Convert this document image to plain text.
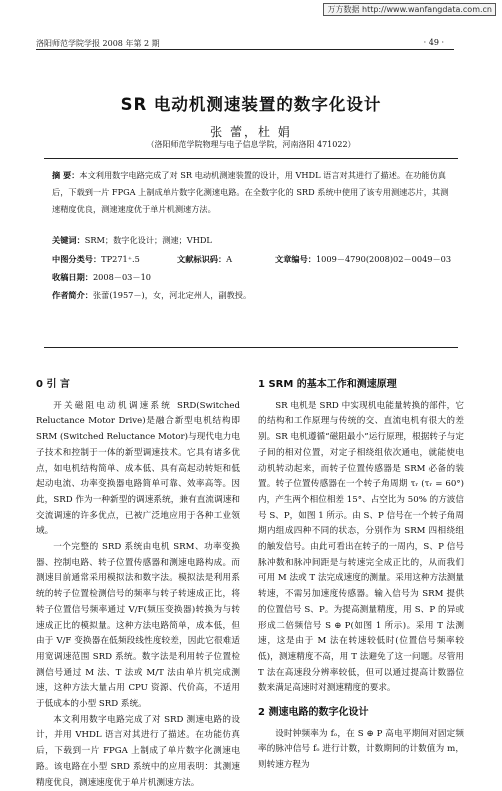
万方数据 http://www.wanfangdata.com.cn
洛阳师范学院学报 2008 年第 2 期	· 49 ·
SR 电动机测速装置的数字化设计
张 蕾，杜 娟
（洛阳师范学院物理与电子信息学院，河南洛阳 471022）
摘 要：本文利用数字电路完成了对 SR 电动机测速装置的设计，用 VHDL 语言对其进行了描述。在功能仿真后，下载到一片 FPGA 上制成单片数字化测速电路。在全数字化的 SRD 系统中使用了该专用测速芯片，其测速精度优良，测速速度优于单片机测速方法。
关键词：SRM；数字化设计；测速；VHDL
中图分类号：TP271⁺.5	文献标识码：A	文章编号：1009－4790(2008)02－0049－03
收稿日期：2008－03－10
作者简介：张蕾(1957－)，女，河北定州人，副教授。
0 引 言

开关磁阻电动机调速系统 SRD(Switched Reluctance Motor Drive)是融合新型电机结构即 SRM (Switched Reluctance Motor)与现代电力电子技术和控制于一体的新型调速技术。它具有诸多优点，如电机结构简单、成本低、具有高起动转矩和低起动电流、功率变换器电路简单可靠、效率高等。因此，SRD 作为一种新型的调速系统，兼有直流调速和交流调速的许多优点，已被广泛地应用于各种工业领域。

一个完整的 SRD 系统由电机 SRM、功率变换器、控制电路、转子位置传感器和测速电路构成。而测速目前通常采用模拟法和数字法。模拟法是利用系统的转子位置检测信号的频率与转子转速成正比，将转子位置信号频率通过 V/F(频压变换器)转换为与转速成正比的模拟量。这种方法电路简单，成本低，但由于 V/F 变换器在低频段线性度较差，因此它很难适用宽调速范围 SRD 系统。数字法是利用转子位置检测信号通过 M 法、T 法或 M/T 法由单片机完成测速，这种方法大量占用 CPU 资源、代价高，不适用于低成本的小型 SRD 系统。

本文利用数字电路完成了对 SRD 测速电路的设计，并用 VHDL 语言对其进行了描述。在功能仿真后，下载到一片 FPGA 上制成了单片数字化测速电路。该电路在小型 SRD 系统中的应用表明：其测速精度优良，测速速度优于单片机测速方法。

1 SRM 的基本工作和测速原理

SR 电机是 SRD 中实现机电能量转换的部件，它的结构和工作原理与传统的交、直流电机有很大的差别。SR 电机遵循“磁阻最小”运行原理，根据转子与定子间的相对位置，对定子相绕组依次通电，就能使电动机转动起来，而转子位置传感器是 SRM 必备的装置。转子位置传感器在一个转子角周期 τᵣ (τᵣ = 60°)内，产生两个相位相差 15°、占空比为 50% 的方波信号 S、P，如图 1 所示。由 S、P 信号在一个转子角周期内组成四种不同的状态，分别作为 SRM 四相绕组的触发信号。由此可看出在转子的一周内，S、P 信号脉冲数和脉冲间距是与转速完全成正比的，从而我们可用 M 法或 T 法完成速度的测量。采用这种方法测量转速，不需另加速度传感器。输入信号为 SRM 提供的位置信号 S、P。为提高测量精度，用 S、P 的异或形成二倍频信号 S ⊕ P(如图 1 所示)。采用 T 法测速，这是由于 M 法在转速较低时(位置信号频率较低)，测速精度不高，用 T 法避免了这一问题。尽管用 T 法在高速段分辨率较低，但可以通过提高计数器位数来满足高速时对测速精度的要求。

2 测速电路的数字化设计

设时钟频率为 fₒ，在 S ⊕ P 高电平期间对固定频率的脉冲信号 fₒ 进行计数，计数期间的计数值为 m，则转速方程为
